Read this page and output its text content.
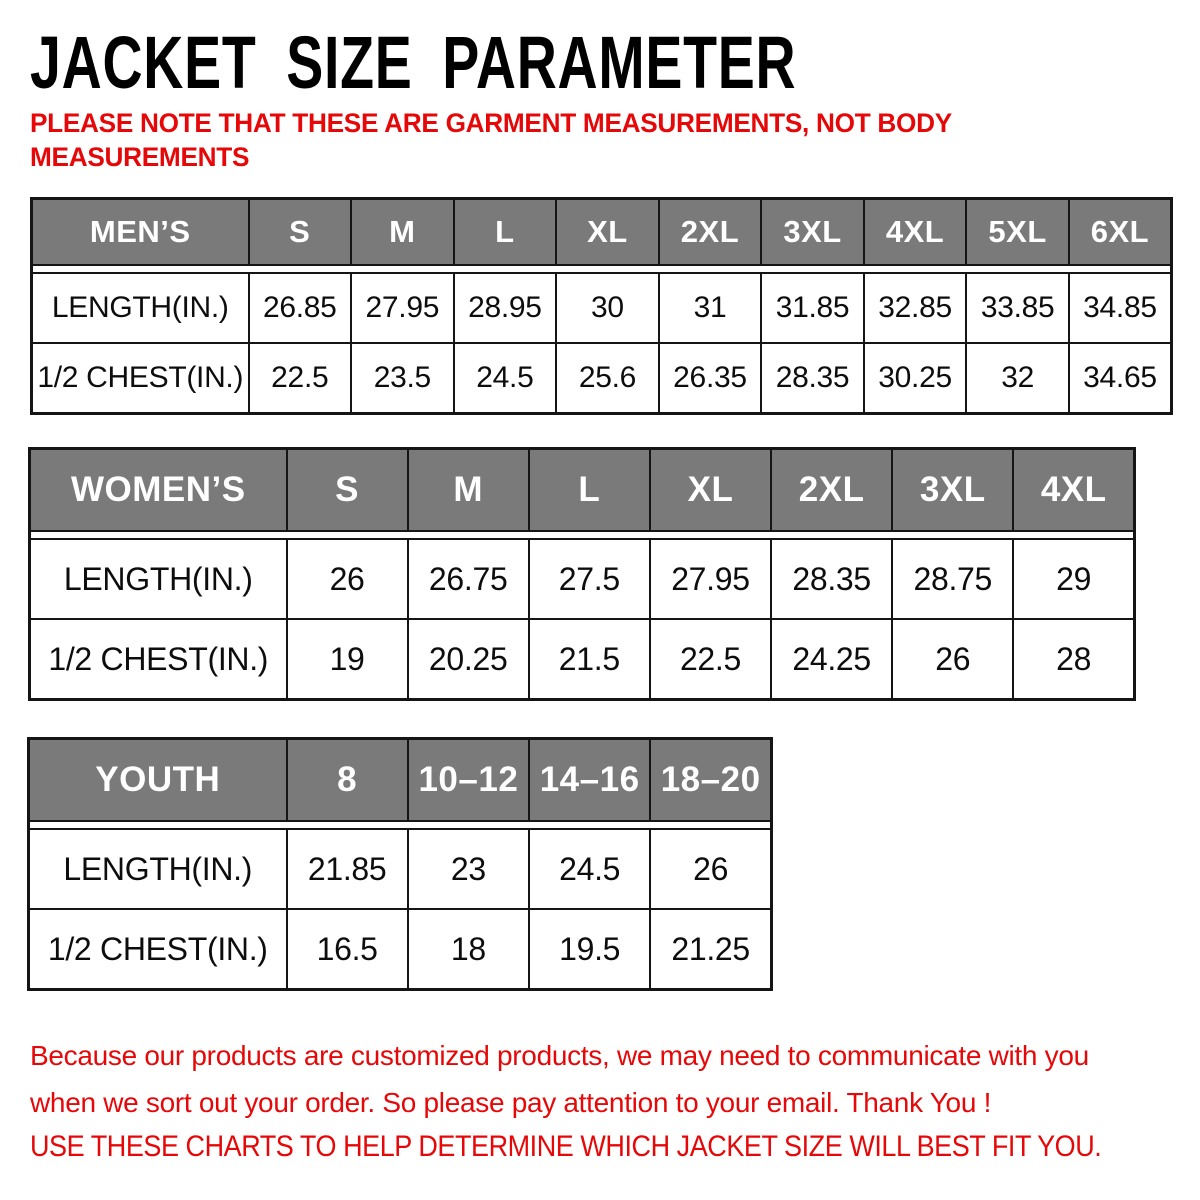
JACKET SIZE PARAMETER
PLEASE NOTE THAT THESE ARE GARMENT MEASUREMENTS, NOT BODY
MEASUREMENTS
MEN’S	S	M	L	XL	2XL	3XL	4XL	5XL	6XL

LENGTH(IN.)	26.85	27.95	28.95	30	31	31.85	32.85	33.85	34.85
1/2 CHEST(IN.)	22.5	23.5	24.5	25.6	26.35	28.35	30.25	32	34.65
WOMEN’S	S	M	L	XL	2XL	3XL	4XL

LENGTH(IN.)	26	26.75	27.5	27.95	28.35	28.75	29
1/2 CHEST(IN.)	19	20.25	21.5	22.5	24.25	26	28
YOUTH	8	10–12	14–16	18–20

LENGTH(IN.)	21.85	23	24.5	26
1/2 CHEST(IN.)	16.5	18	19.5	21.25
Because our products are customized products, we may need to communicate with you
when we sort out your order. So please pay attention to your email. Thank You !
USE THESE CHARTS TO HELP DETERMINE WHICH JACKET SIZE WILL BEST FIT YOU.
